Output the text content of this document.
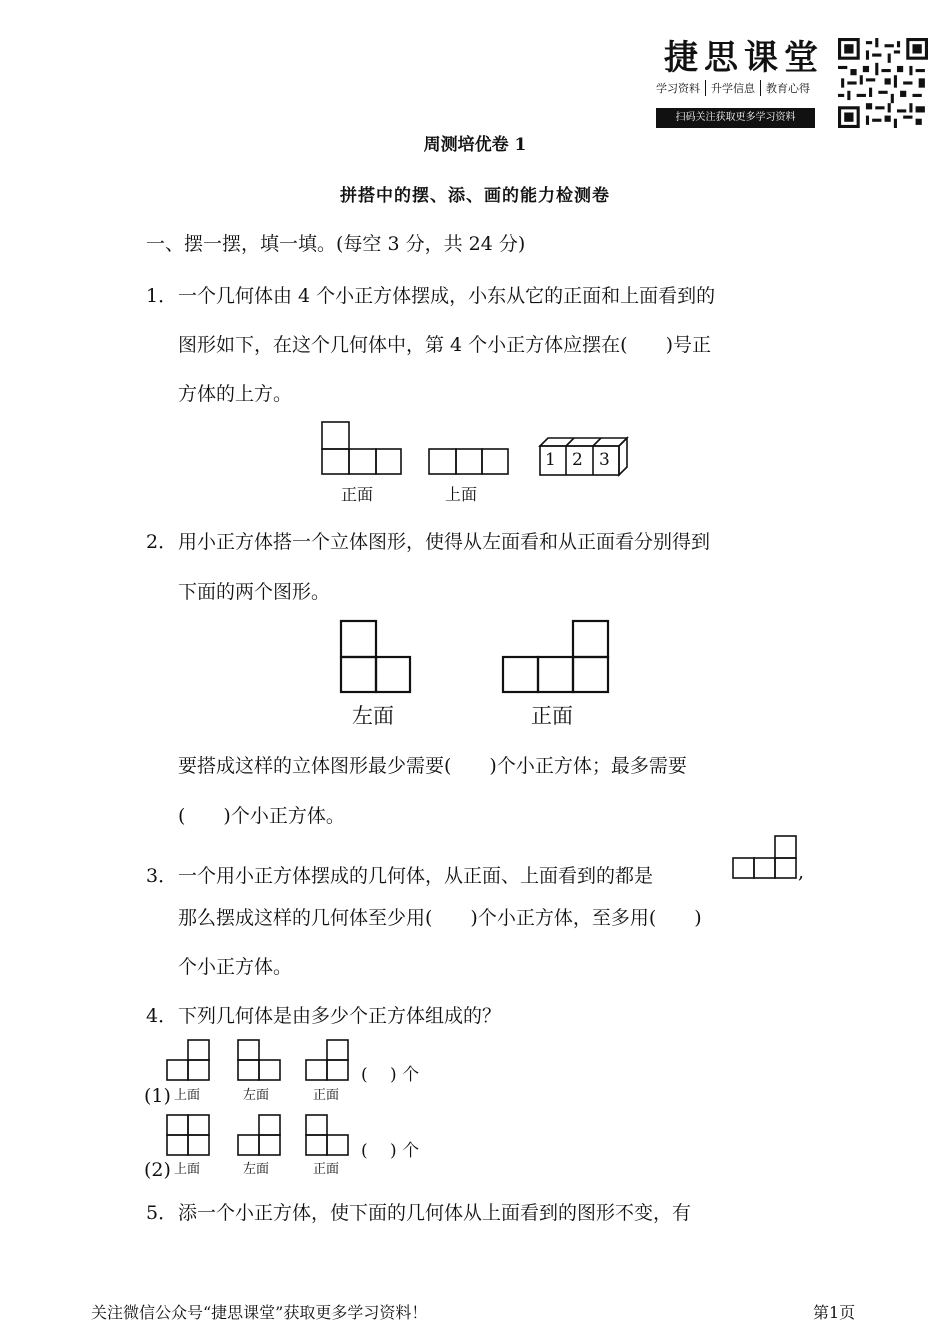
捷思课堂
学习资料	升学信息	教育心得
扫码关注获取更多学习资料
周测培优卷 1
拼搭中的摆、添、画的能力检测卷
一、摆一摆，填一填。(每空 3 分，共 24 分)
1． 一个几何体由 4 个小正方体摆成，小东从它的正面和上面看到的
图形如下，在这个几何体中，第 4 个小正方体应摆在(　　)号正
方体的上方。
1 2 3
正面	上面
2． 用小正方体搭一个立体图形，使得从左面看和从正面看分别得到
下面的两个图形。
左面	正面
要搭成这样的立体图形最少需要(　　)个小正方体；最多需要
(　　)个小正方体。
3． 一个用小正方体摆成的几何体，从正面、上面看到的都是	,
那么摆成这样的几何体至少用(　　)个小正方体，至多用(　　)
个小正方体。
4． 下列几何体是由多少个正方体组成的？
(　 ) 个
(1) 上面	左面	正面
(　 ) 个
(2) 上面	左面	正面
5． 添一个小正方体，使下面的几何体从上面看到的图形不变，有
关注微信公众号“捷思课堂”获取更多学习资料！	第1页
